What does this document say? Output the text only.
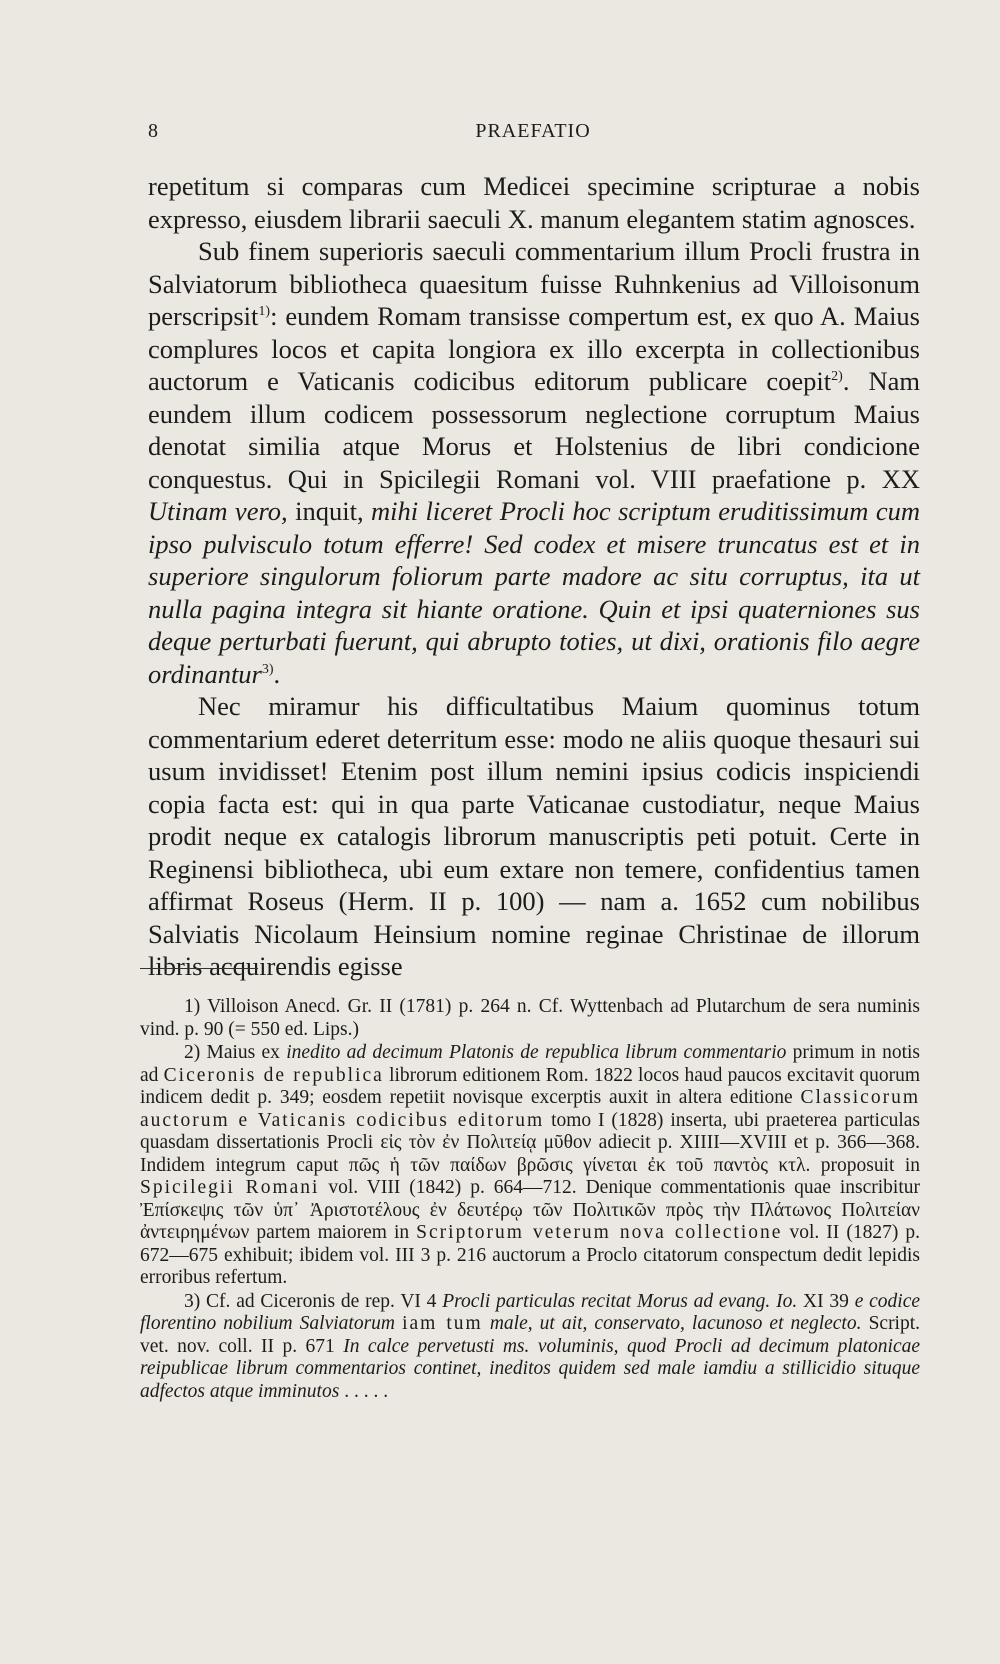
8	PRAEFATIO

repetitum si comparas cum Medicei specimine scripturae a nobis expresso, eiusdem librarii saeculi X. manum elegantem statim agnosces.

Sub finem superioris saeculi commentarium illum Procli frustra in Salviatorum bibliotheca quaesitum fuisse Ruhnkenius ad Villoisonum perscripsit$^{1)}$: eundem Romam transisse compertum est, ex quo A. Maius complures locos et capita longiora ex illo excerpta in collectionibus auctorum e Vaticanis codicibus editorum publicare coepit$^{2)}$. Nam eundem illum codicem possessorum neglectione corruptum Maius denotat similia atque Morus et Holstenius de libri condicione conquestus. Qui in Spicilegii Romani vol. VIII praefatione p. XX Utinam vero, inquit, mihi liceret Procli hoc scriptum eruditissimum cum ipso pulvisculo totum efferre! Sed codex et misere truncatus est et in superiore singulorum foliorum parte madore ac situ corruptus, ita ut nulla pagina integra sit hiante oratione. Quin et ipsi quaterniones sus deque perturbati fuerunt, qui abrupto toties, ut dixi, orationis filo aegre ordinantur$^{3)}$.

Nec miramur his difficultatibus Maium quominus totum commentarium ederet deterritum esse: modo ne aliis quoque thesauri sui usum invidisset! Etenim post illum nemini ipsius codicis inspiciendi copia facta est: qui in qua parte Vaticanae custodiatur, neque Maius prodit neque ex catalogis librorum manuscriptis peti potuit. Certe in Reginensi bibliotheca, ubi eum extare non temere, confidentius tamen affirmat Roseus (Herm. II p. 100) — nam a. 1652 cum nobilibus Salviatis Nicolaum Heinsium nomine reginae Christinae de illorum libris acquirendis egisse

1) Villoison Anecd. Gr. II (1781) p. 264 n. Cf. Wyttenbach ad Plutarchum de sera numinis vind. p. 90 (= 550 ed. Lips.)

2) Maius ex inedito ad decimum Platonis de republica librum commentario primum in notis ad Ciceronis de republica librorum editionem Rom. 1822 locos haud paucos excitavit quorum indicem dedit p. 349; eosdem repetiit novisque excerptis auxit in altera editione Classicorum auctorum e Vaticanis codicibus editorum tomo I (1828) inserta, ubi praeterea particulas quasdam dissertationis Procli εἰς τὸν ἐν Πολιτείᾳ μῦθον adiecit p. XIIII—XVIII et p. 366—368. Indidem integrum caput πῶς ἡ τῶν παίδων βρῶσις γίνεται ἐκ τοῦ παντὸς κτλ. proposuit in Spicilegii Romani vol. VIII (1842) p. 664—712. Denique commentationis quae inscribitur Ἐπίσκεψις τῶν ὑπ᾽ Ἀριστοτέλους ἐν δευτέρῳ τῶν Πολιτικῶν πρὸς τὴν Πλάτωνος Πολιτείαν ἀντειρημένων partem maiorem in Scriptorum veterum nova collectione vol. II (1827) p. 672—675 exhibuit; ibidem vol. III 3 p. 216 auctorum a Proclo citatorum conspectum dedit lepidis erroribus refertum.

3) Cf. ad Ciceronis de rep. VI 4 Procli particulas recitat Morus ad evang. Io. XI 39 e codice florentino nobilium Salviatorum iam tum male, ut ait, conservato, lacunoso et neglecto. Script. vet. nov. coll. II p. 671 In calce pervetusti ms. voluminis, quod Procli ad decimum platonicae reipublicae librum commentarios continet, ineditos quidem sed male iamdiu a stillicidio situque adfectos atque imminutos . . . . .
